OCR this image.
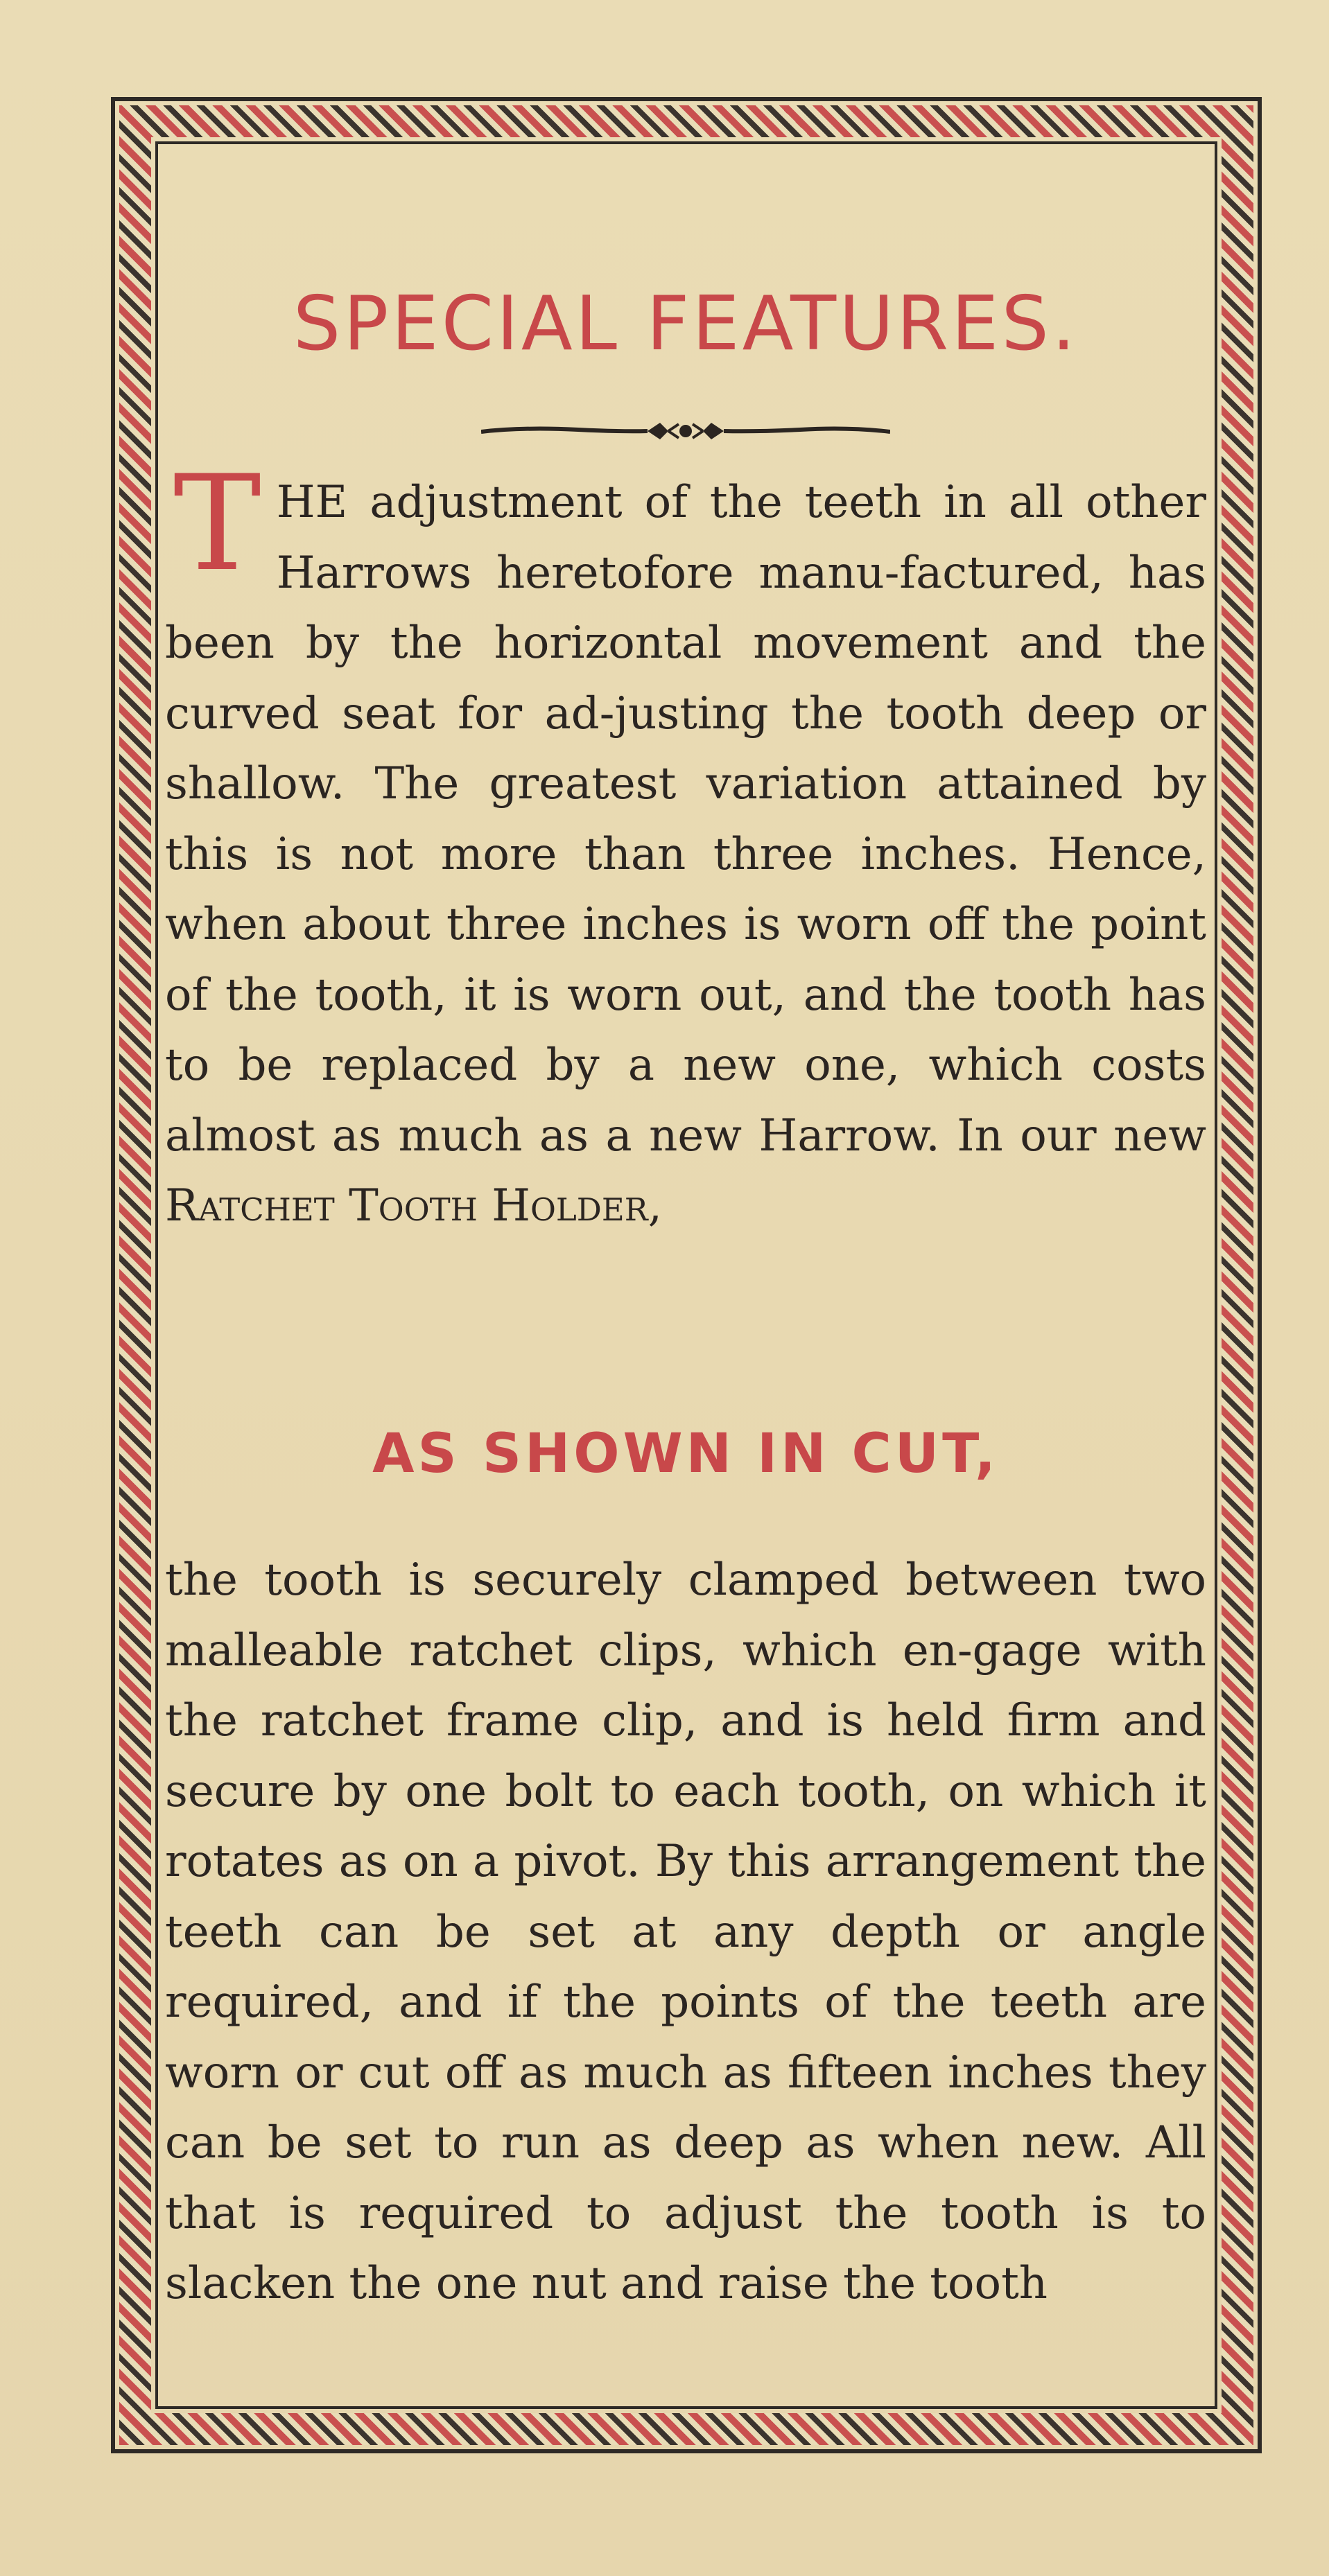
SPECIAL FEATURES.
THE adjustment of the teeth in all other Harrows heretofore manu-factured, has been by the horizontal movement and the curved seat for ad-justing the tooth deep or shallow. The greatest variation attained by this is not more than three inches. Hence, when about three inches is worn off the point of the tooth, it is worn out, and the tooth has to be replaced by a new one, which costs almost as much as a new Harrow. In our new Ratchet Tooth Holder,
AS SHOWN IN CUT,
the tooth is securely clamped between two malleable ratchet clips, which en-gage with the ratchet frame clip, and is held firm and secure by one bolt to each tooth, on which it rotates as on a pivot. By this arrangement the teeth can be set at any depth or angle required, and if the points of the teeth are worn or cut off as much as fifteen inches they can be set to run as deep as when new. All that is required to adjust the tooth is to slacken the one nut and raise the tooth
